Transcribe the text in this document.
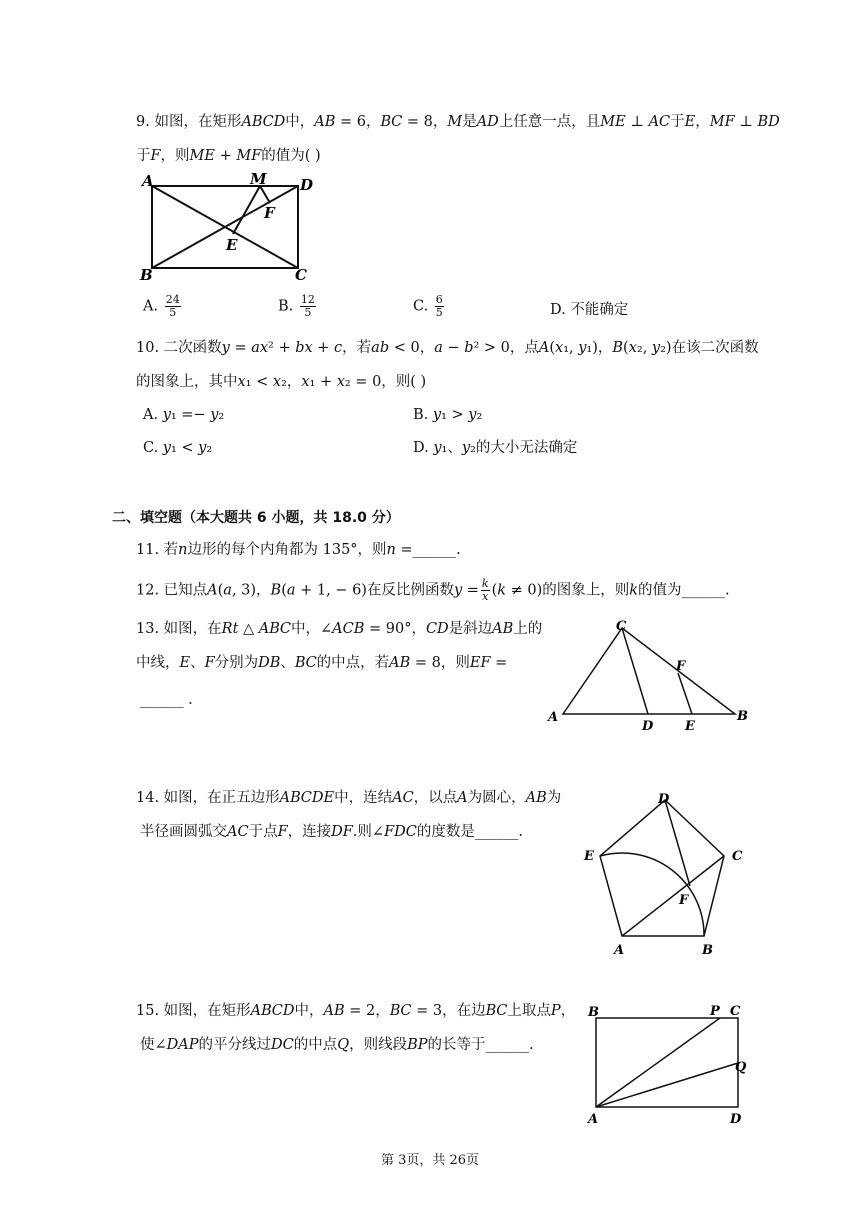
9. 如图，在矩形𝐴𝐵𝐶𝐷中，𝐴𝐵 = 6，𝐵𝐶 = 8，𝑀是𝐴𝐷上任意一点，且𝑀𝐸 ⊥ 𝐴𝐶于𝐸，𝑀𝐹 ⊥ 𝐵𝐷
于𝐹，则𝑀𝐸 + 𝑀𝐹的值为( )
A
B	C
D
M
F
E
A. $\frac{24}{5}$	B. $\frac{12}{5}$	C. $\frac{6}{5}$	D. 不能确定
10. 二次函数𝑦 = 𝑎𝑥² + 𝑏𝑥 + 𝑐，若𝑎𝑏 < 0，𝑎 − 𝑏² > 0，点𝐴(𝑥₁, 𝑦₁)，𝐵(𝑥₂, 𝑦₂)在该二次函数
的图象上，其中𝑥₁ < 𝑥₂，𝑥₁ + 𝑥₂ = 0，则( )
A. 𝑦₁ =− 𝑦₂	B. 𝑦₁ > 𝑦₂
C. 𝑦₁ < 𝑦₂	D. 𝑦₁、𝑦₂的大小无法确定
二、填空题（本大题共 6 小题，共 18.0 分）
11. 若𝑛边形的每个内角都为 135°，则𝑛 =______.
12. 已知点𝐴(𝑎, 3)，𝐵(𝑎 + 1, − 6)在反比例函数𝑦 = $\frac{\text{𝑘}}{\text{𝑥}}$ (𝑘 ≠ 0)的图象上，则𝑘的值为______.
13. 如图，在𝑅𝑡 △ 𝐴𝐵𝐶中，∠𝐴𝐶𝐵 = 90°，𝐶𝐷是斜边𝐴𝐵上的
中线，𝐸、𝐹分别为𝐷𝐵、𝐵𝐶的中点，若𝐴𝐵 = 8，则𝐸𝐹 =
______ .
A	B
C
D E
F
14. 如图，在正五边形𝐴𝐵𝐶𝐷𝐸中，连结𝐴𝐶，以点𝐴为圆心，𝐴𝐵为
半径画圆弧交𝐴𝐶于点𝐹，连接𝐷𝐹.则∠𝐹𝐷𝐶的度数是______.
D
C
E
A	B
F
15. 如图，在矩形𝐴𝐵𝐶𝐷中，𝐴𝐵 = 2，𝐵𝐶 = 3，在边𝐵𝐶上取点𝑃，
使∠𝐷𝐴𝑃的平分线过𝐷𝐶的中点𝑄，则线段𝐵𝑃的长等于______.
B	P C
Q
A	D
第 3页，共 26页
